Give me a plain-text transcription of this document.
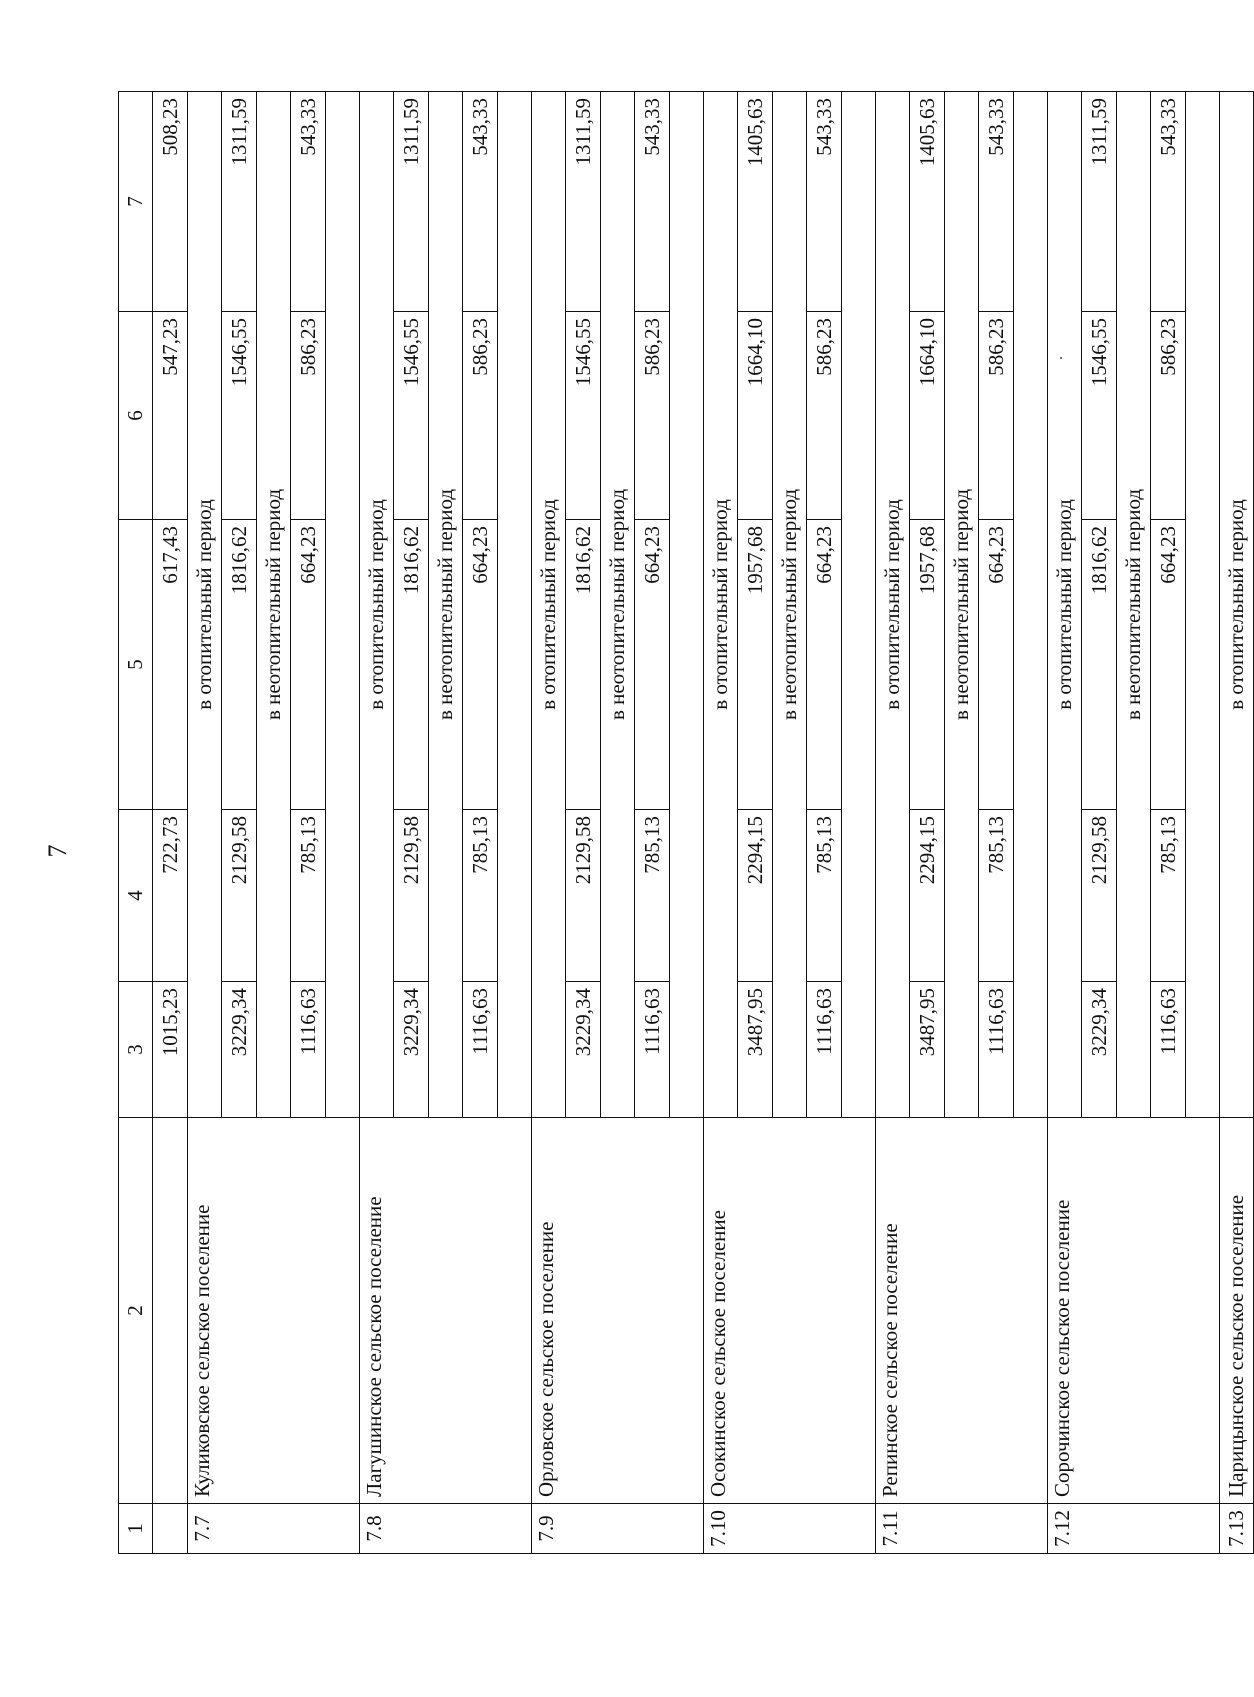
7
1	2	3	4	5	6	7
		1015,23	722,73	617,43	547,23	508,23
7.7	Куликовское сельское поселение	в отопительный период				
		3229,34	2129,58	1816,62	1546,55	1311,59
		в неотопительный период				
		1116,63	785,13	664,23	586,23	543,33

7.8	Лагушинское сельское поселение	в отопительный период				
		3229,34	2129,58	1816,62	1546,55	1311,59
		в неотопительный период				
		1116,63	785,13	664,23	586,23	543,33

7.9	Орловское сельское поселение	в отопительный период				
		3229,34	2129,58	1816,62	1546,55	1311,59
		в неотопительный период				
		1116,63	785,13	664,23	586,23	543,33

7.10	Осокинское сельское поселение	в отопительный период				
		3487,95	2294,15	1957,68	1664,10	1405,63
		в неотопительный период				
		1116,63	785,13	664,23	586,23	543,33

7.11	Репинское сельское поселение	в отопительный период				
		3487,95	2294,15	1957,68	1664,10	1405,63
		в неотопительный период				
		1116,63	785,13	664,23	586,23	543,33

7.12	Сорочинское сельское поселение	в отопительный период				
		3229,34	2129,58	1816,62	1546,55	1311,59
		в неотопительный период				
		1116,63	785,13	664,23	586,23	543,33

7.13	Царицынское сельское поселение	в отопительный период				
